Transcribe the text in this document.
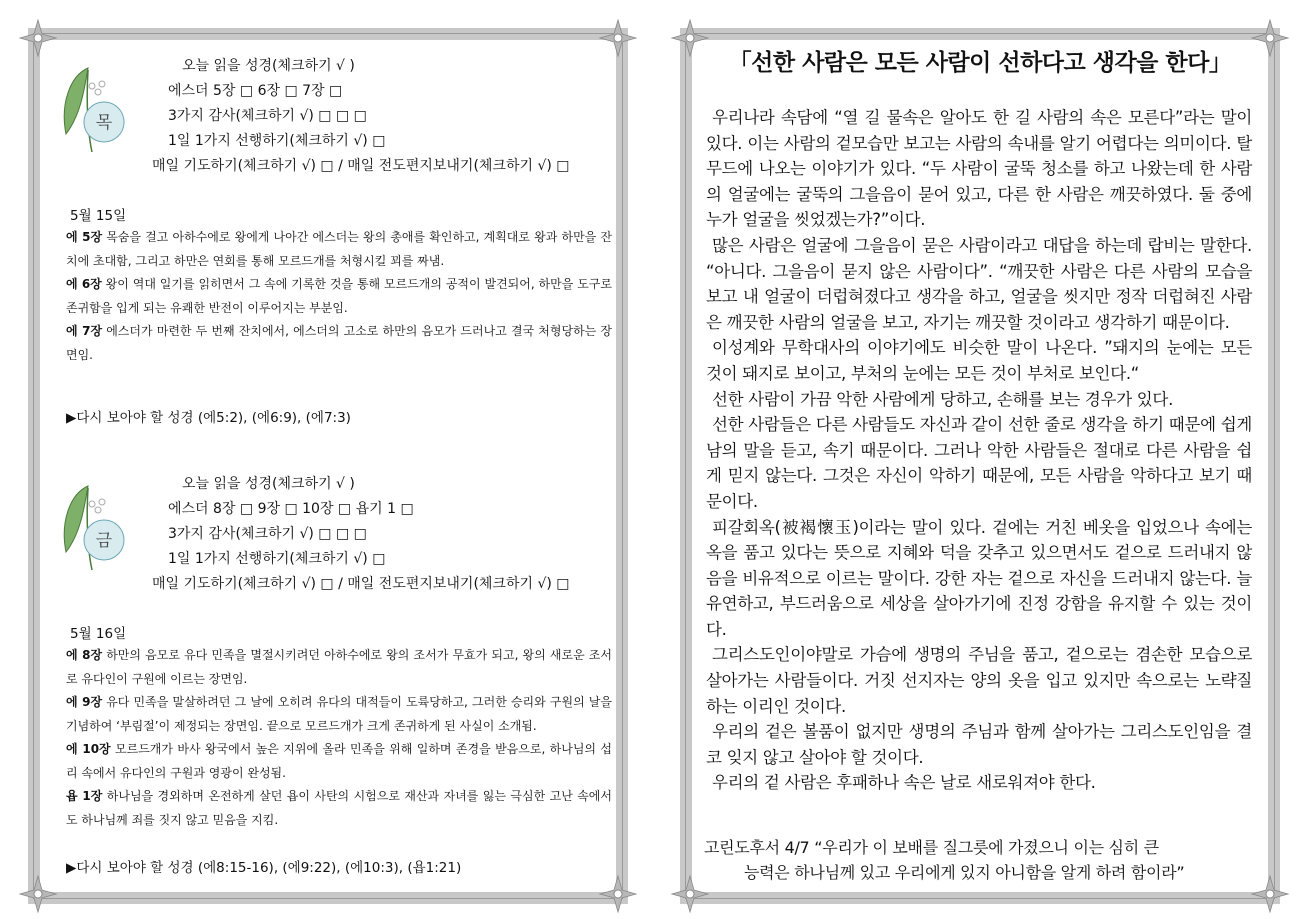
목
오늘 읽을 성경(체크하기 √ )
에스더 5장 □ 6장 □ 7장 □
3가지 감사(체크하기 √) □ □ □
1일 1가지 선행하기(체크하기 √) □
매일 기도하기(체크하기 √) □ / 매일 전도편지보내기(체크하기 √) □
5월 15일

에 5장 목숨을 걸고 아하수에로 왕에게 나아간 에스더는 왕의 총애를 확인하고, 계획대로 왕과 하만을 잔치에 초대함, 그리고 하만은 연회를 통해 모르드개를 처형시킬 꾀를 짜냄.

에 6장 왕이 역대 일기를 읽히면서 그 속에 기록한 것을 통해 모르드개의 공적이 발견되어, 하만을 도구로 존귀함을 입게 되는 유쾌한 반전이 이루어지는 부분임.

에 7장 에스더가 마련한 두 번째 잔치에서, 에스더의 고소로 하만의 음모가 드러나고 결국 처형당하는 장면임.

▶다시 보아야 할 성경 (에5:2), (에6:9), (에7:3)
금
오늘 읽을 성경(체크하기 √ )
에스더 8장 □ 9장 □ 10장 □ 욥기 1 □
3가지 감사(체크하기 √) □ □ □
1일 1가지 선행하기(체크하기 √) □
매일 기도하기(체크하기 √) □ / 매일 전도편지보내기(체크하기 √) □
5월 16일

에 8장 하만의 음모로 유다 민족을 멸절시키려던 아하수에로 왕의 조서가 무효가 되고, 왕의 새로운 조서로 유다인이 구원에 이르는 장면임.

에 9장 유다 민족을 말살하려던 그 날에 오히려 유다의 대적들이 도륙당하고, 그러한 승리와 구원의 날을 기념하여 ‘부림절’이 제정되는 장면임. 끝으로 모르드개가 크게 존귀하게 된 사실이 소개됨.

에 10장 모르드개가 바사 왕국에서 높은 지위에 올라 민족을 위해 일하며 존경을 받음으로, 하나님의 섭리 속에서 유다인의 구원과 영광이 완성됨.

욥 1장 하나님을 경외하며 온전하게 살던 욥이 사탄의 시험으로 재산과 자녀를 잃는 극심한 고난 속에서도 하나님께 죄를 짓지 않고 믿음을 지킴.

▶다시 보아야 할 성경 (에8:15-16), (에9:22), (에10:3), (욥1:21)
「선한 사람은 모든 사람이 선하다고 생각을 한다」

우리나라 속담에 “열 길 물속은 알아도 한 길 사람의 속은 모른다”라는 말이 있다. 이는 사람의 겉모습만 보고는 사람의 속내를 알기 어렵다는 의미이다. 탈무드에 나오는 이야기가 있다. “두 사람이 굴뚝 청소를 하고 나왔는데 한 사람의 얼굴에는 굴뚝의 그을음이 묻어 있고, 다른 한 사람은 깨끗하였다. 둘 중에 누가 얼굴을 씻었겠는가?”이다.

많은 사람은 얼굴에 그을음이 묻은 사람이라고 대답을 하는데 랍비는 말한다. “아니다. 그을음이 묻지 않은 사람이다”. “깨끗한 사람은 다른 사람의 모습을 보고 내 얼굴이 더럽혀졌다고 생각을 하고, 얼굴을 씻지만 정작 더럽혀진 사람은 깨끗한 사람의 얼굴을 보고, 자기는 깨끗할 것이라고 생각하기 때문이다.

이성계와 무학대사의 이야기에도 비슷한 말이 나온다. ”돼지의 눈에는 모든 것이 돼지로 보이고, 부처의 눈에는 모든 것이 부처로 보인다.“

선한 사람이 가끔 악한 사람에게 당하고, 손해를 보는 경우가 있다.

선한 사람들은 다른 사람들도 자신과 같이 선한 줄로 생각을 하기 때문에 쉽게 남의 말을 듣고, 속기 때문이다. 그러나 악한 사람들은 절대로 다른 사람을 쉽게 믿지 않는다. 그것은 자신이 악하기 때문에, 모든 사람을 악하다고 보기 때문이다.

피갈회옥(被褐懷玉)이라는 말이 있다. 겉에는 거친 베옷을 입었으나 속에는 옥을 품고 있다는 뜻으로 지혜와 덕을 갖추고 있으면서도 겉으로 드러내지 않음을 비유적으로 이르는 말이다. 강한 자는 겉으로 자신을 드러내지 않는다. 늘 유연하고, 부드러움으로 세상을 살아가기에 진정 강함을 유지할 수 있는 것이다.

그리스도인이야말로 가슴에 생명의 주님을 품고, 겉으로는 겸손한 모습으로 살아가는 사람들이다. 거짓 선지자는 양의 옷을 입고 있지만 속으로는 노략질하는 이리인 것이다.

우리의 겉은 볼품이 없지만 생명의 주님과 함께 살아가는 그리스도인임을 결코 잊지 않고 살아야 할 것이다.

우리의 겉 사람은 후패하나 속은 날로 새로워져야 한다.

고린도후서 4/7 “우리가 이 보배를 질그릇에 가졌으니 이는 심히 큰
능력은 하나님께 있고 우리에게 있지 아니함을 알게 하려 함이라”
